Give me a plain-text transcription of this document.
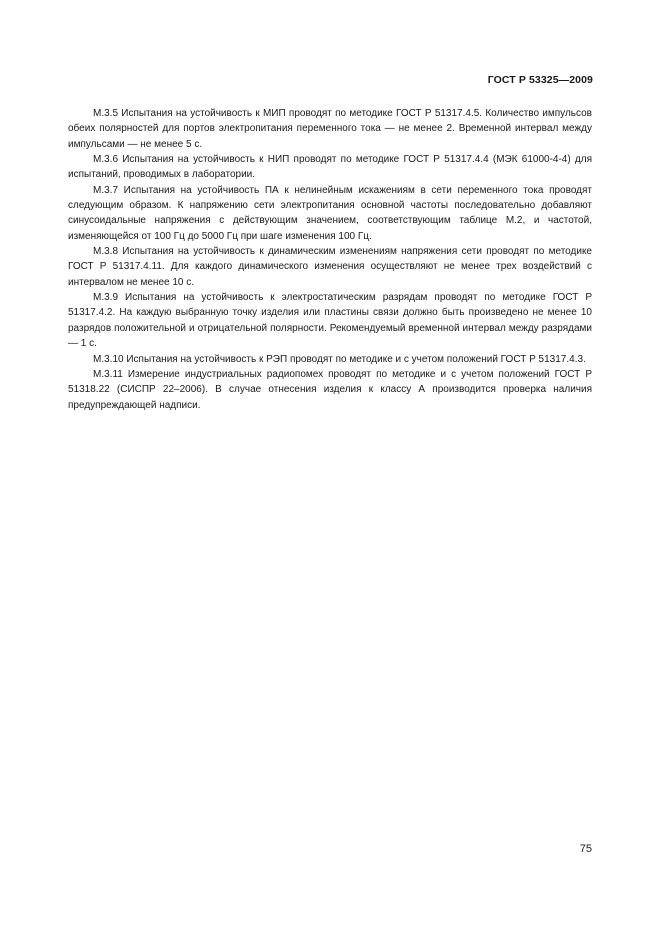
ГОСТ Р 53325—2009

М.3.5 Испытания на устойчивость к МИП проводят по методике ГОСТ Р 51317.4.5. Количество импульсов обеих полярностей для портов электропитания переменного тока — не менее 2. Временной интервал между импульсами — не менее 5 с.

М.3.6 Испытания на устойчивость к НИП проводят по методике ГОСТ Р 51317.4.4 (МЭК 61000-4-4) для испытаний, проводимых в лаборатории.

М.3.7 Испытания на устойчивость ПА к нелинейным искажениям в сети переменного тока проводят следующим образом. К напряжению сети электропитания основной частоты последовательно добавляют синусоидальные напряжения с действующим значением, соответствующим таблице М.2, и частотой, изменяющейся от 100 Гц до 5000 Гц при шаге изменения 100 Гц.

М.3.8 Испытания на устойчивость к динамическим изменениям напряжения сети проводят по методике ГОСТ Р 51317.4.11. Для каждого динамического изменения осуществляют не менее трех воздействий с интервалом не менее 10 с.

М.3.9 Испытания на устойчивость к электростатическим разрядам проводят по методике ГОСТ Р 51317.4.2. На каждую выбранную точку изделия или пластины связи должно быть произведено не менее 10 разрядов положительной и отрицательной полярности. Рекомендуемый временной интервал между разрядами — 1 с.

М.3.10 Испытания на устойчивость к РЭП проводят по методике и с учетом положений ГОСТ Р 51317.4.3.

М.3.11 Измерение индустриальных радиопомех проводят по методике и с учетом положений ГОСТ Р 51318.22 (СИСПР 22–2006). В случае отнесения изделия к классу А производится проверка наличия предупреждающей надписи.

75
